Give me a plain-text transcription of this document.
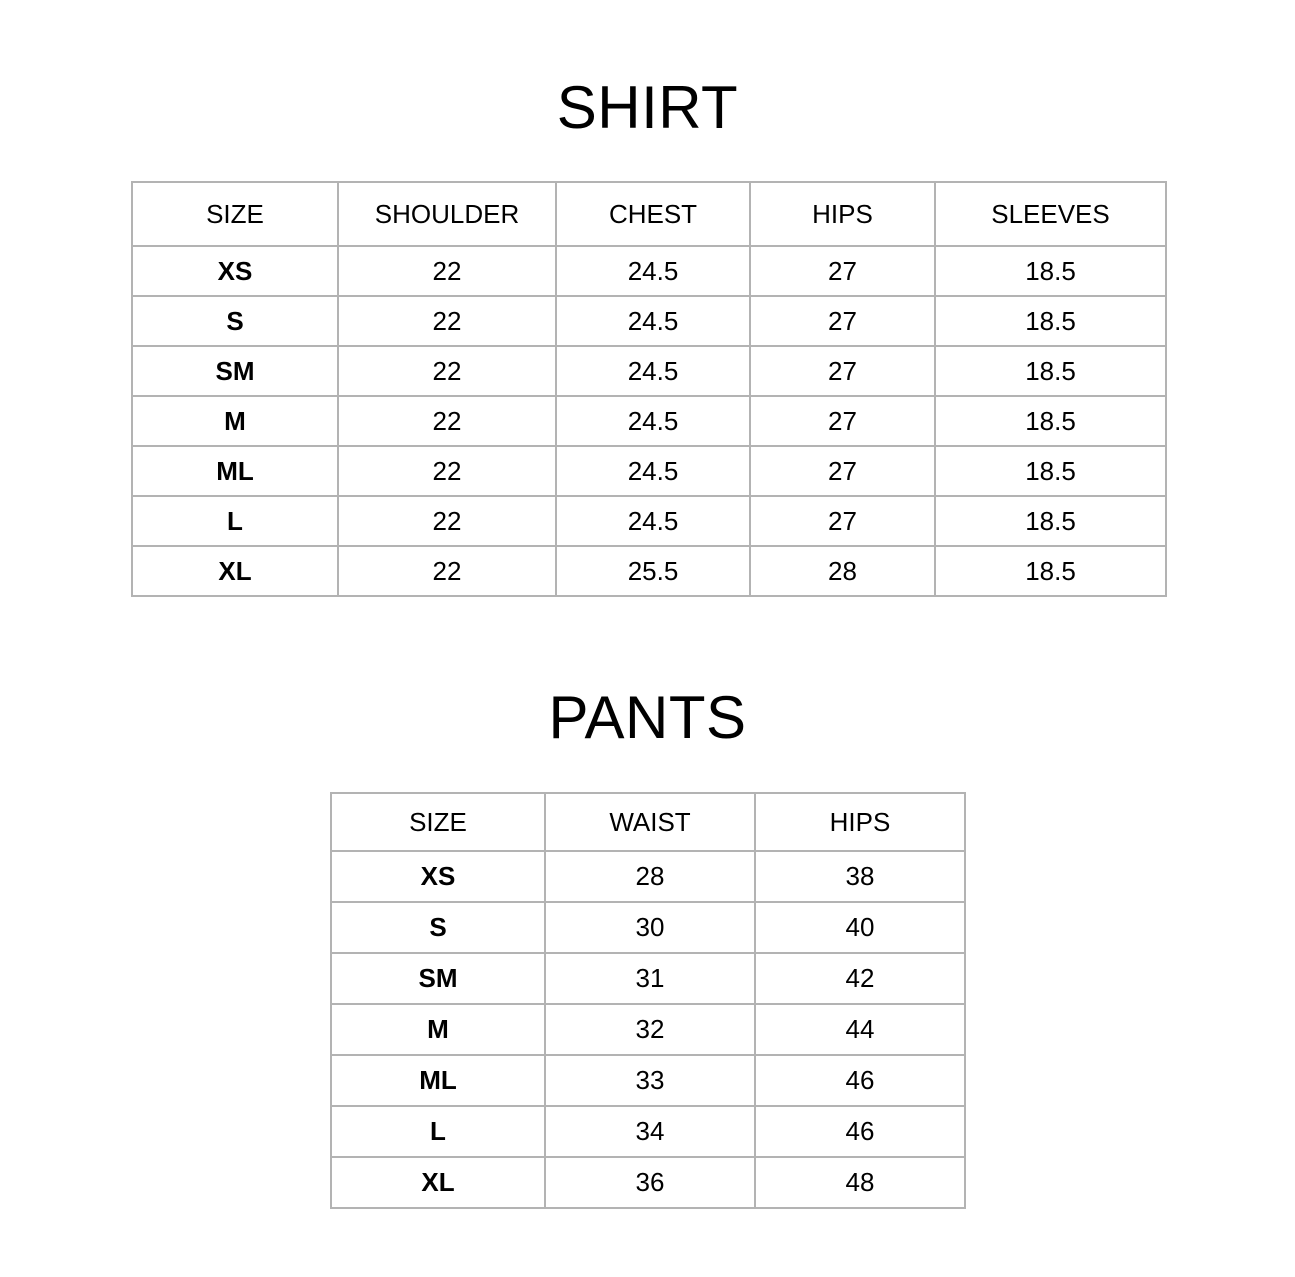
SHIRT
SIZE	SHOULDER	CHEST	HIPS	SLEEVES
XS	22	24.5	27	18.5
S	22	24.5	27	18.5
SM	22	24.5	27	18.5
M	22	24.5	27	18.5
ML	22	24.5	27	18.5
L	22	24.5	27	18.5
XL	22	25.5	28	18.5
PANTS
SIZE	WAIST	HIPS
XS	28	38
S	30	40
SM	31	42
M	32	44
ML	33	46
L	34	46
XL	36	48
